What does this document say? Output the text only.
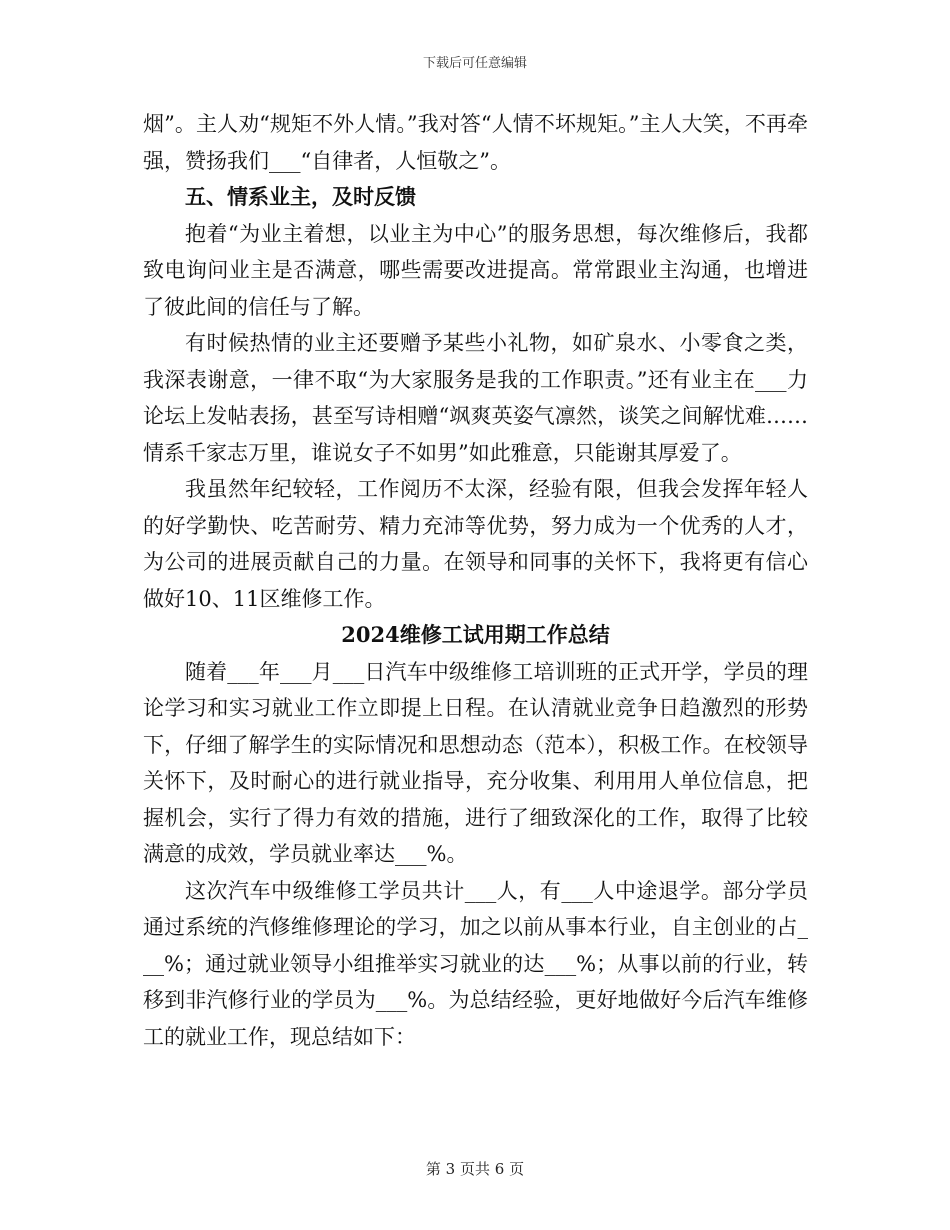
下载后可任意编辑

烟”。主人劝“规矩不外人情。”我对答“人情不坏规矩。”主人大笑，不再牵强，赞扬我们___“自律者，人恒敬之”。

五、情系业主，及时反馈

抱着“为业主着想，以业主为中心”的服务思想，每次维修后，我都致电询问业主是否满意，哪些需要改进提高。常常跟业主沟通，也增进了彼此间的信任与了解。

有时候热情的业主还要赠予某些小礼物，如矿泉水、小零食之类，我深表谢意，一律不取“为大家服务是我的工作职责。”还有业主在___力论坛上发帖表扬，甚至写诗相赠“飒爽英姿气凛然，谈笑之间解忧难……情系千家志万里，谁说女子不如男”如此雅意，只能谢其厚爱了。

我虽然年纪较轻，工作阅历不太深，经验有限，但我会发挥年轻人的好学勤快、吃苦耐劳、精力充沛等优势，努力成为一个优秀的人才，为公司的进展贡献自己的力量。在领导和同事的关怀下，我将更有信心做好10、11区维修工作。

2024维修工试用期工作总结

随着___年___月___日汽车中级维修工培训班的正式开学，学员的理论学习和实习就业工作立即提上日程。在认清就业竞争日趋激烈的形势下，仔细了解学生的实际情况和思想动态（范本），积极工作。在校领导关怀下，及时耐心的进行就业指导，充分收集、利用用人单位信息，把握机会，实行了得力有效的措施，进行了细致深化的工作，取得了比较满意的成效，学员就业率达___%。

这次汽车中级维修工学员共计___人，有___人中途退学。部分学员通过系统的汽修维修理论的学习，加之以前从事本行业，自主创业的占___%；通过就业领导小组推举实习就业的达___%；从事以前的行业，转移到非汽修行业的学员为___%。为总结经验，更好地做好今后汽车维修工的就业工作，现总结如下：

第 3 页共 6 页
